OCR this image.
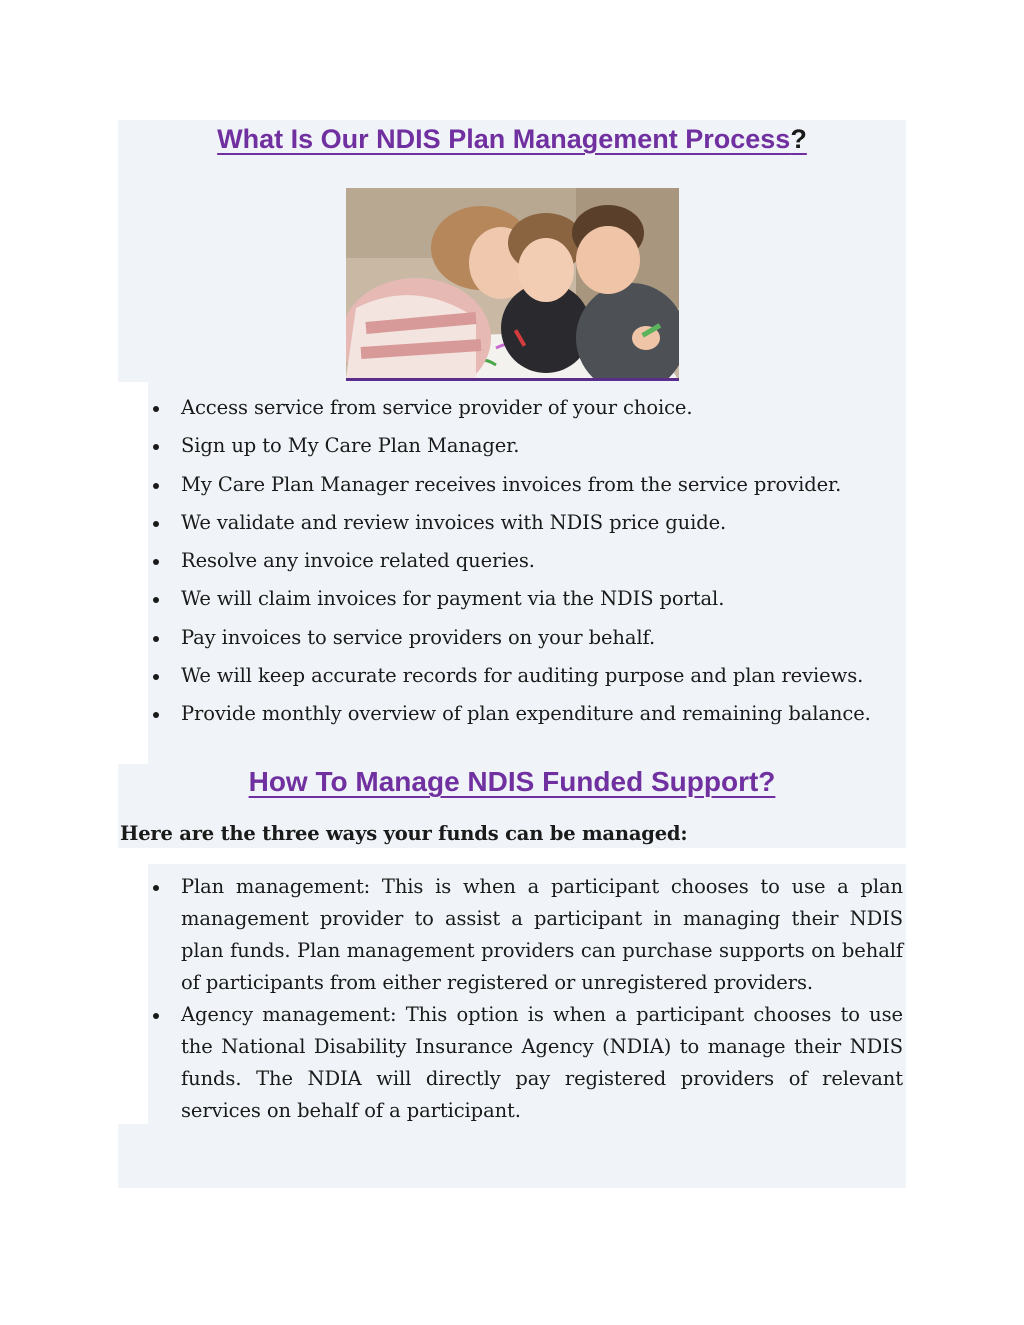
What Is Our NDIS Plan Management Process?
Access service from service provider of your choice.
Sign up to My Care Plan Manager.
My Care Plan Manager receives invoices from the service provider.
We validate and review invoices with NDIS price guide.
Resolve any invoice related queries.
We will claim invoices for payment via the NDIS portal.
Pay invoices to service providers on your behalf.
We will keep accurate records for auditing purpose and plan reviews.
Provide monthly overview of plan expenditure and remaining balance.
How To Manage NDIS Funded Support?

Here are the three ways your funds can be managed:

Plan management: This is when a participant chooses to use a plan management provider to assist a participant in managing their NDIS plan funds. Plan management providers can purchase supports on behalf of participants from either registered or unregistered providers.
Agency management: This option is when a participant chooses to use the National Disability Insurance Agency (NDIA) to manage their NDIS funds. The NDIA will directly pay registered providers of relevant services on behalf of a participant.
